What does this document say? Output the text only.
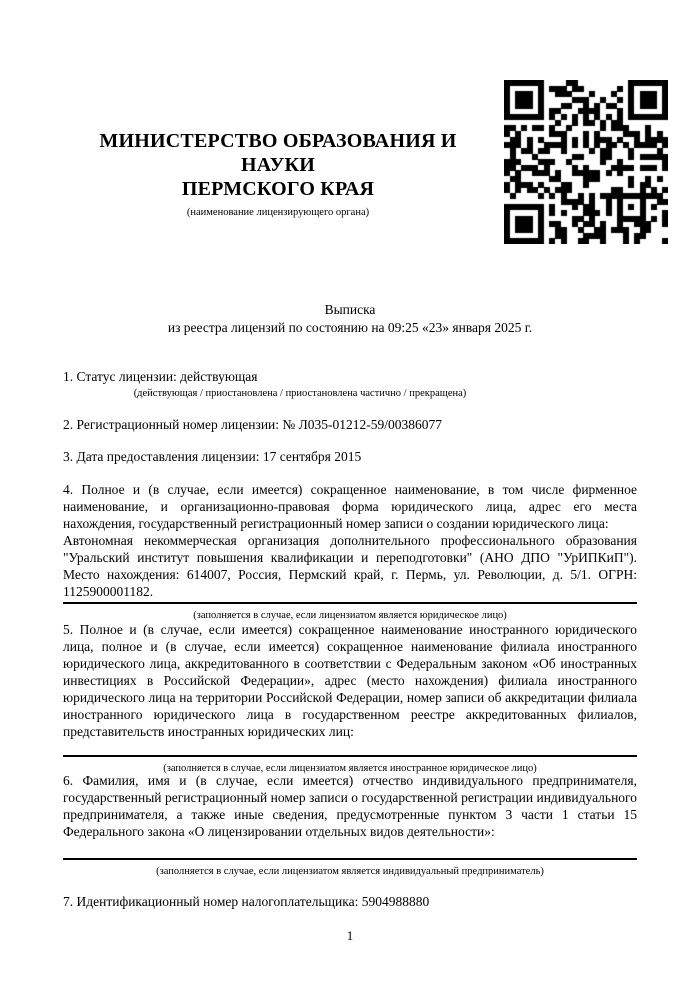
МИНИСТЕРСТВО ОБРАЗОВАНИЯ И НАУКИ
ПЕРМСКОГО КРАЯ
(наименование лицензирующего органа)
Выписка
из реестра лицензий по состоянию на 09:25 «23» января 2025 г.

1. Статус лицензии: действующая

(действующая / приостановлена / приостановлена частично / прекращена)

2. Регистрационный номер лицензии: № Л035-01212-59/00386077

3. Дата предоставления лицензии: 17 сентября 2015

4. Полное и (в случае, если имеется) сокращенное наименование, в том числе фирменное наименование, и организационно-правовая форма юридического лица, адрес его места нахождения, государственный регистрационный номер записи о создании юридического лица:

Автономная некоммерческая организация дополнительного профессионального образования "Уральский институт повышения квалификации и переподготовки" (АНО ДПО "УрИПКиП"). Место нахождения: 614007, Россия, Пермский край, г. Пермь, ул. Революции, д. 5/1. ОГРН: 1125900001182.

(заполняется в случае, если лицензиатом является юридическое лицо)

5. Полное и (в случае, если имеется) сокращенное наименование иностранного юридического лица, полное и (в случае, если имеется) сокращенное наименование филиала иностранного юридического лица, аккредитованного в соответствии с Федеральным законом «Об иностранных инвестициях в Российской Федерации», адрес (место нахождения) филиала иностранного юридического лица на территории Российской Федерации, номер записи об аккредитации филиала иностранного юридического лица в государственном реестре аккредитованных филиалов, представительств иностранных юридических лиц:

(заполняется в случае, если лицензиатом является иностранное юридическое лицо)

6. Фамилия, имя и (в случае, если имеется) отчество индивидуального предпринимателя, государственный регистрационный номер записи о государственной регистрации индивидуального предпринимателя, а также иные сведения, предусмотренные пунктом 3 части 1 статьи 15 Федерального закона «О лицензировании отдельных видов деятельности»:

(заполняется в случае, если лицензиатом является индивидуальный предприниматель)

7. Идентификационный номер налогоплательщика: 5904988880

1
